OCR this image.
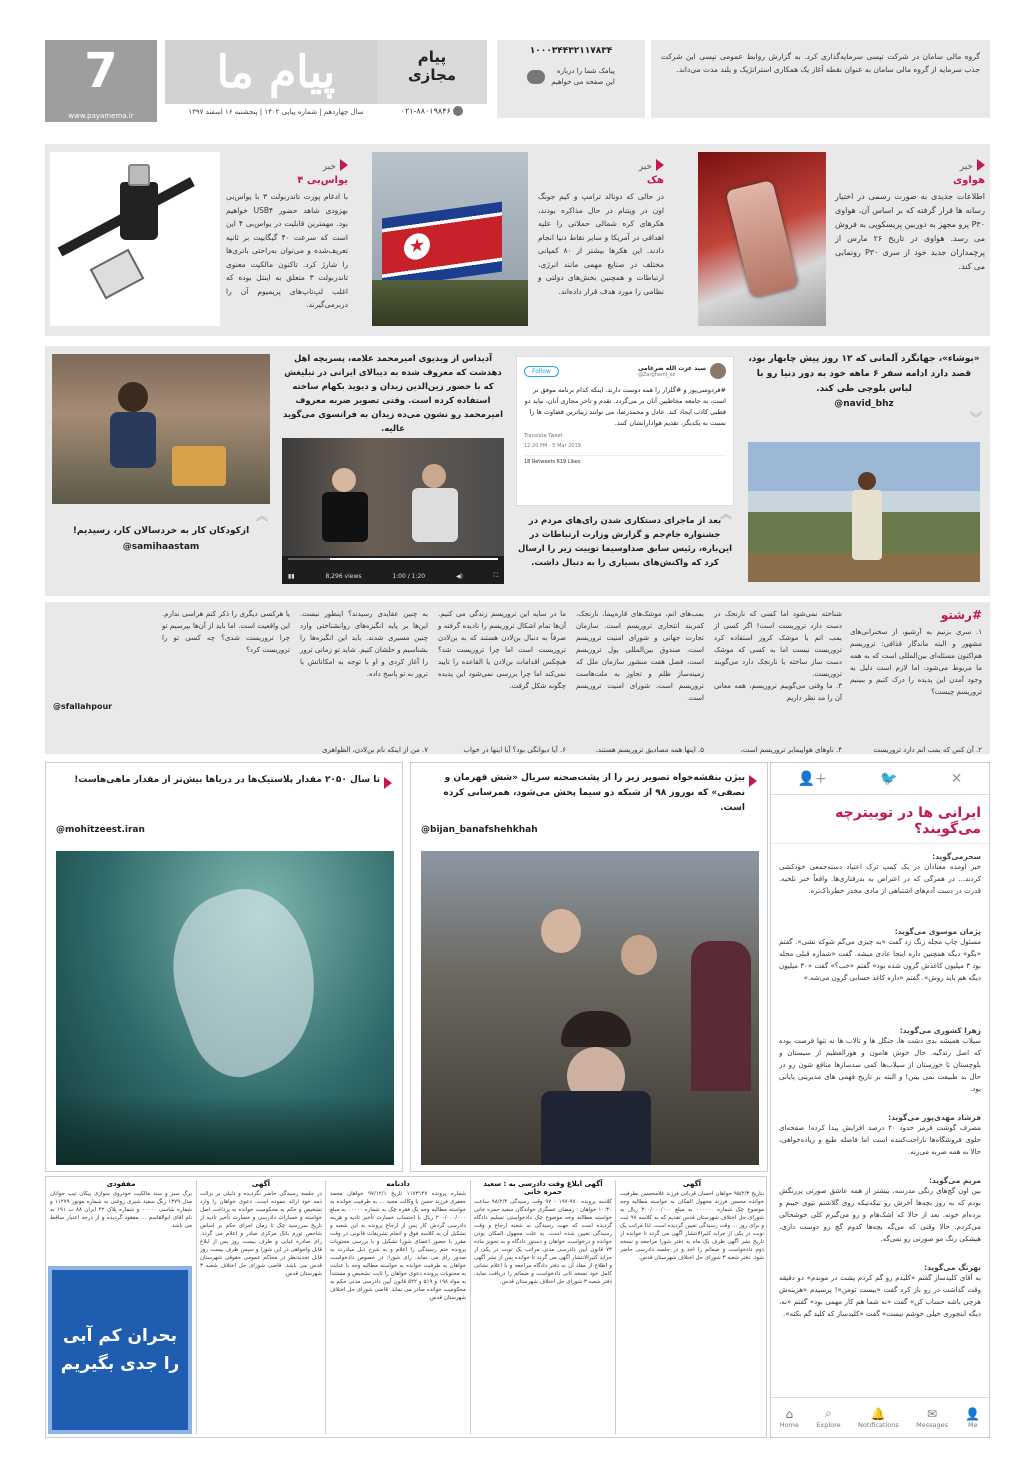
7
www.payamema.ir
پیام ما
سال چهاردهم | شماره پیاپی ۱۴۰۲ | پنجشنبه ۱۶ اسفند ۱۳۹۷
پیام
مجازی
۰۲۱-۸۸۰۱۹۸۴۶
۱۰۰۰۳۴۴۳۲۱۱۷۸۳۴
پیامک شما را درباره
این صفحه می خواهیم
گروه مالی سامان در شرکت تپسی سرمایه‌گذاری کرد. به گزارش روابط عمومی تپسی این شرکت جذب سرمایه از گروه مالی سامان به عنوان نقطه آغاز یک همکاری استراتژیک و بلند مدت می‌داند.
خبر
هواوی
اطلاعات جدیدی به صورت رسمی در اختیار رسانه ها قرار گرفته که بر اساس آن، هواوی P۳۰ پرو مجهز به دوربین پریسکوپی به فروش می رسد. هواوی در تاریخ ۲۶ مارس از پرچمداران جدید خود از سری P۳۰ رونمایی می کند.
★
خبر
هک
در حالی که دونالد ترامپ و کیم جونگ اون در ویتنام در حال مذاکره بودند، هکرهای کره شمالی حملاتی را علیه اهدافی در آمریکا و سایر نقاط دنیا انجام دادند. این هکرها بیشتر از ۸۰ کمپانی مختلف در صنایع مهمی مانند انرژی، ارتباطات و همچنین بخش‌های دولتی و نظامی را مورد هدف قرار داده‌اند.
خبر
یواس‌بی ۴
با ادغام پورت تاندربولت ۳ با یواس‌بی بهزودی شاهد حضور USB۴ خواهیم بود. مهمترین قابلیت در یواس‌بی ۴ این است که سرعت ۴۰ گیگابیت بر ثانیه تعریف‌شده و می‌توان به‌راحتی باتری‌ها را شارژ کرد. تاکنون مالکیت معنوی تاندربولت ۳ متعلق به اینتل بوده که اغلب لپ‌تاپ‌های پریمیوم آن را دربرمی‌گیرند.
«بوشاء»، جهانگرد آلمانی که ۱۲ روز پیش چابهار بود، قصد دارد ادامه سفر ۶ ماهه خود به دور دنیا رو با لباس بلوچی طی کند.
@navid_bhz
︾
Follow	سید عزت الله ضرغامی
@Zarghami_ez
#فردوسی‌پور و #گلزار را همه دوست دارند. اینکه کدام برنامه موفق تر است، به جامعه مخاطبین آنان بر می‌گردد. تقدم و تاخر مجازی آنان، نباید دو قطبی کاذب ایجاد کند. عادل و محمدرضا، می توانند زیباترین قضاوت ها را نسبت به یکدیگر، تقدیم هوادارانشان کنند.
Translate Tweet
12:20 PM - 5 Mar 2019
18 Retweets 619 Likes
︽
بعد از ماجرای دستکاری شدن رای‌های مردم در جشنواره جام‌جم و گزارش وزارت ارتباطات در این‌باره، رئیس سابق صداوسیما توییت زیر را ارسال کرد که واکنش‌های بسیاری را به دنبال داشت.
آدیداس از ویدیوی امیرمحمد علامه، پسربچه اهل دهدشت که معروف شده به دیبالای ایرانی در تبلیغش که با حضور زین‌الدین زیدان و دیوید بکهام ساخته استفاده کرده است. وقتی تصویر ضربه معروف امیرمحمد رو نشون می‌ده زیدان به فرانسوی می‌گوید عالیه.
▮▮	8,296 views	1:00 / 1:20	◀)	⛶
︽
ازکودکان کار به خردسالان کار، رسیدیم!
@samihaastam
#رشتو
۱. سری بزنیم به آرشیو، از سخنرانی‌های مشهور و البته ماندگار قذافی: تروریسم هم‌اکنون مسئله‌ای بین‌المللی است که به همه ما مربوط می‌شود، اما لازم است دلیل به وجود آمدن این پدیده را درک کنیم و ببینیم تروریسم چیست؟
۲. آن کس که بمب اتم دارد تروریست
شناخته نمی‌شود اما کسی که نارنجک در دست دارد تروریست است! اگر کسی از بمب اتم یا موشک کروز استفاده کرد تروریست نیست اما به کسی که موشک دست ساز ساخته یا نارنجک دارد می‌گویند تروریست.
۳. ما وقتی می‌گوییم تروریسم، همه معانی آن را مد نظر داریم
۴. ناوهای هواپیمابر تروریسم است،
بمب‌های اتم، موشک‌های قاره‌پیما، نارنجک، کمربند انتحاری تروریسم است. سازمان تجارت جهانی و شورای امنیت تروریسم است، صندوق بین‌المللی پول تروریسم است، فصل هفت منشور سازمان ملل که زمینه‌ساز ظلم و تجاوز به ملت‌هاست تروریسم است، شورای امنیت تروریسم است.
۵. اینها همه مصادیق تروریسم هستند،
ما در سایه این تروریسم زندگی می کنیم. آن‌ها تمام اشکال تروریسم را نادیده گرفته و صرفاً به دنبال بن‌لادن هستند که به بن‌لادن تروریست است اما چرا تروریست شد؟ هیچکس اقدامات بن‌لادن یا القاعده را تایید نمی‌کند اما چرا بررسی نمی‌شود این پدیده چگونه شکل گرفت.
۶. آیا دیوانگی بود؟ آیا اینها در خواب
به چنین عقایدی رسیدند؟ اینطور نیست. این‌ها بر پایه انگیزه‌های روانشناختی وارد چنین مسیری شدند. باید این انگیزه‌ها را بشناسیم و حلشان کنیم. شاید تو زمانی ترور را آغاز کردی و او با توجه به امکاناتش با ترور به تو پاسخ داده.
۷. من از اینکه نام بن‌لادن، الظواهری
یا هرکسی دیگری را ذکر کنم هراسی ندارم. این واقعیت است. اما باید از آن‌ها بپرسیم تو چرا تروریست شدی؟ چه کسی تو را تروریست کرد؟
@sfallahpour
👤+	🐦	✕
ایرانی ها در توییترچه می‌گویند؟
سحرمی‌گوید:
خبر اومده معتادان در یک کمپ ترک اعتیاد دسته‌جمعی خودکشی کردند... در همرگی که در اعتراض به بدرفتاری‌ها. واقعاً خبر تلخیه. قدرت در دست آدم‌های اشتباهی از مادی مخدر خطرناک‌تره.
پژمان موسوی می‌گوید:
مسئول چاپ مجله زنگ زد گفت «به چیزی می‌گم شوکه نشی». گفتم «بگو» دیگه همچنین داره اینجا عادی میشه. گفت «شماره قبلی مجله بود ۳ میلیون کاغذش گرون شده بود» گفتم «خب؟» گفت «۳۰ میلیون دیگه هم باید روش». گفتم «داره کاغذ حسابی گرون می‌شه.»
زهرا کشوری می‌گوید:
سیلاب همیشه بدی دشت ها، جنگل ها و تالاب ها نه تنها فرصت بوده که اصل زندگیه. حال خوش هامون و هورالعظیم از سیستان و بلوچستان تا خوزستان از سیلاب‌ها کمی سدسازها منافع شون رو در حال بد طبیعت نمی بینن! و البته بر تاریخ فهمی های مدیریتی پایانی بود.
فرشاد مهدی‌پور می‌گوید:
مصرف گوشت قرمز حدود ۲۰ درصد افزایش پیدا کرده! صفحه‌ای جلوی فروشگاه‌ها ناراحت‌کننده است اما فاصله طبع و زیاده‌خواهی، حالا به همه ضربه می‌زنه.
مریم می‌گوید:
بین اون گچ‌های رنگی مدرسه، بیشتر از همه عاشق صورتی پررنگش بودم که به روز بچه‌ها آخرش رو تیکه‌تیکه روی گلاشتم تیوی جیبم و برده‌ام خونه. بعد از حالا که اشک‌هام و رو می‌گیرم کلی خوشحالی می‌کرد‌م. حالا وقتی که می‌گه بچه‌ها کدوم گچ رو دوست داری، هیشکی رنگ مو صورتی رو نمی‌گه.
بهرنگ می‌گوید:
به آقای کلیدساز گفتم «کلیدم رو گم کردم پشت در موندم» دو دقیقه وقت گذاشت در رو باز کرد گفت «بیست تومن»! پرسیدم «هزینه‌ش هرچی باشه حساب کن» گفت «نه شما هم کار مهمی بود» گفتم «نه، دیگه اینجوری خیلی خوشم نیست» گفت «کلیدساز که کلید گم بکنه».
⌂
Home
⌕
Explore
🔔
Notifications
✉
Messages
👤
Me
بیژن بنفشه‌خواه تصویر زیر را از پشت‌صحنه سریال «شش قهرمان و نصفی» که نوروز ۹۸ از شبکه دو سیما پخش می‌شود، همرسانی کرده است.
@bijan_banafshehkhah
تا سال ۲۰۵۰ مقدار پلاستیک‌ها در دریاها بیش‌تر از مقدار ماهی‌هاست!
@mohitzeest.iran
آگهی
بتاریخ ۹۵/۲/۳ خواهان احسان قربانی فرزند غلامحسین بطرفیت خوانده محسن فرزند مجهول المکان به خواسته مطالبه وجه موضوع چک شماره ۰۰۰۰۰۰ به مبلغ ۳۰۰/۰۰۰/۰۰۰ ریال به شورای حل اختلاف شهرستان قدس تقدیم که به کلاسه ۹۷ ثبت و برای روز ... وقت رسیدگی تعیین گردیده است. لذا مراتب یک نوبت در یکی از جراید کثیرالانتشار آگهی می گردد تا خوانده از تاریخ نشر آگهی ظرف یک ماه به دفتر شورا مراجعه و نسخه دوم دادخواست و ضمائم را اخذ و در جلسه دادرسی حاضر شود. دفتر شعبه ۳ شورای حل اختلاف شهرستان قدس.
آگهی ابلاغ وقت دادرسی به : سعید حمزه خانی
کلاسه پرونده ۹۷۰-۱۹۷ - ۹۷ وقت رسیدگی ۹۸/۲/۴ ساعت ۱۰:۳۰ خواهان : رمضان عسگری خواندگان سعید حمزه خانی خواسته مطالبه وجه موضوع چک دادخواستی تسلیم دادگاه گردیده است که جهت رسیدگی به شعبه ارجاع و وقت رسیدگی تعیین شده است. به علت مجهول المکان بودن خوانده و درخواست خواهان و دستور دادگاه و به تجویز ماده ۷۳ قانون آیین دادرسی مدنی مراتب یک نوبت در یکی از جراید کثیرالانتشار آگهی می گردد تا خوانده پس از نشر آگهی و اطلاع از مفاد آن به دفتر دادگاه مراجعه و با اعلام نشانی کامل خود نسخه ثانی دادخواست و ضمائم را دریافت نماید. دفتر شعبه ۳ شورای حل اختلاف شهرستان قدس.
دادنامه
شماره پرونده ۱۱۷۳۱۴۷ تاریخ ۹۷/۱۲/۱ خواهان محمد جعفری فرزند حسن با وکالت مجید ... به طرفیت خوانده به خواسته مطالبه وجه یک فقره چک به شماره ۰۰۰۰۰ به مبلغ ۲۰۰/۰۰۰/۰۰۰ ریال با احتساب خسارت تأخیر تادیه و هزینه دادرسی گردش کار پس از ارجاع پرونده به این شعبه و تشکیل آن به کلاسه فوق و انجام تشریفات قانونی در وقت مقرر با حضور اعضای شورا تشکیل و با بررسی محتویات پرونده ختم رسیدگی را اعلام و به شرح ذیل مبادرت به صدور رای می نماید. رای شورا: در خصوص دادخواست خواهان به طرفیت خوانده به خواسته مطالبه وجه با عنایت به محتویات پرونده دعوی خواهان را ثابت تشخیص و مستنداً به مواد ۱۹۸ و ۵۱۹ و ۵۲۲ قانون آیین دادرسی مدنی حکم به محکومیت خوانده صادر می نماید. قاضی شورای حل اختلاف شهرستان قدس.
آگهی
در جلسه رسیدگی حاضر نگردیده و دلیلی بر برائت ذمه خود ارائه ننموده است. دعوی خواهان را وارد تشخیص و حکم به محکومیت خوانده به پرداخت اصل خواسته و خسارات دادرسی و خسارت تأخیر تادیه از تاریخ سررسید چک تا زمان اجرای حکم بر اساس شاخص تورم بانک مرکزی صادر و اعلام می گردد. رای صادره غیابی و ظرف بیست روز پس از ابلاغ قابل واخواهی در این شورا و سپس ظرف بیست روز قابل تجدیدنظر در محاکم عمومی حقوقی شهرستان قدس می باشد. قاضی شورای حل اختلاف شعبه ۳ شهرستان قدس.
مفقودی
برگ سبز و سند مالکیت خودروی سواری پیکان تیپ جوانان مدل ۱۳۷۹ رنگ سفید شیری روغنی به شماره موتور ۱۱۲۷۹ و شماره شاسی ۰۰۰۰۰ و شماره پلاک ۴۲ ایران ۸۸ ب ۱۹۱ به نام آقای ابوالقاسم ... مفقود گردیده و از درجه اعتبار ساقط می باشد.
بحران کم آبی
را جدی بگیریم
